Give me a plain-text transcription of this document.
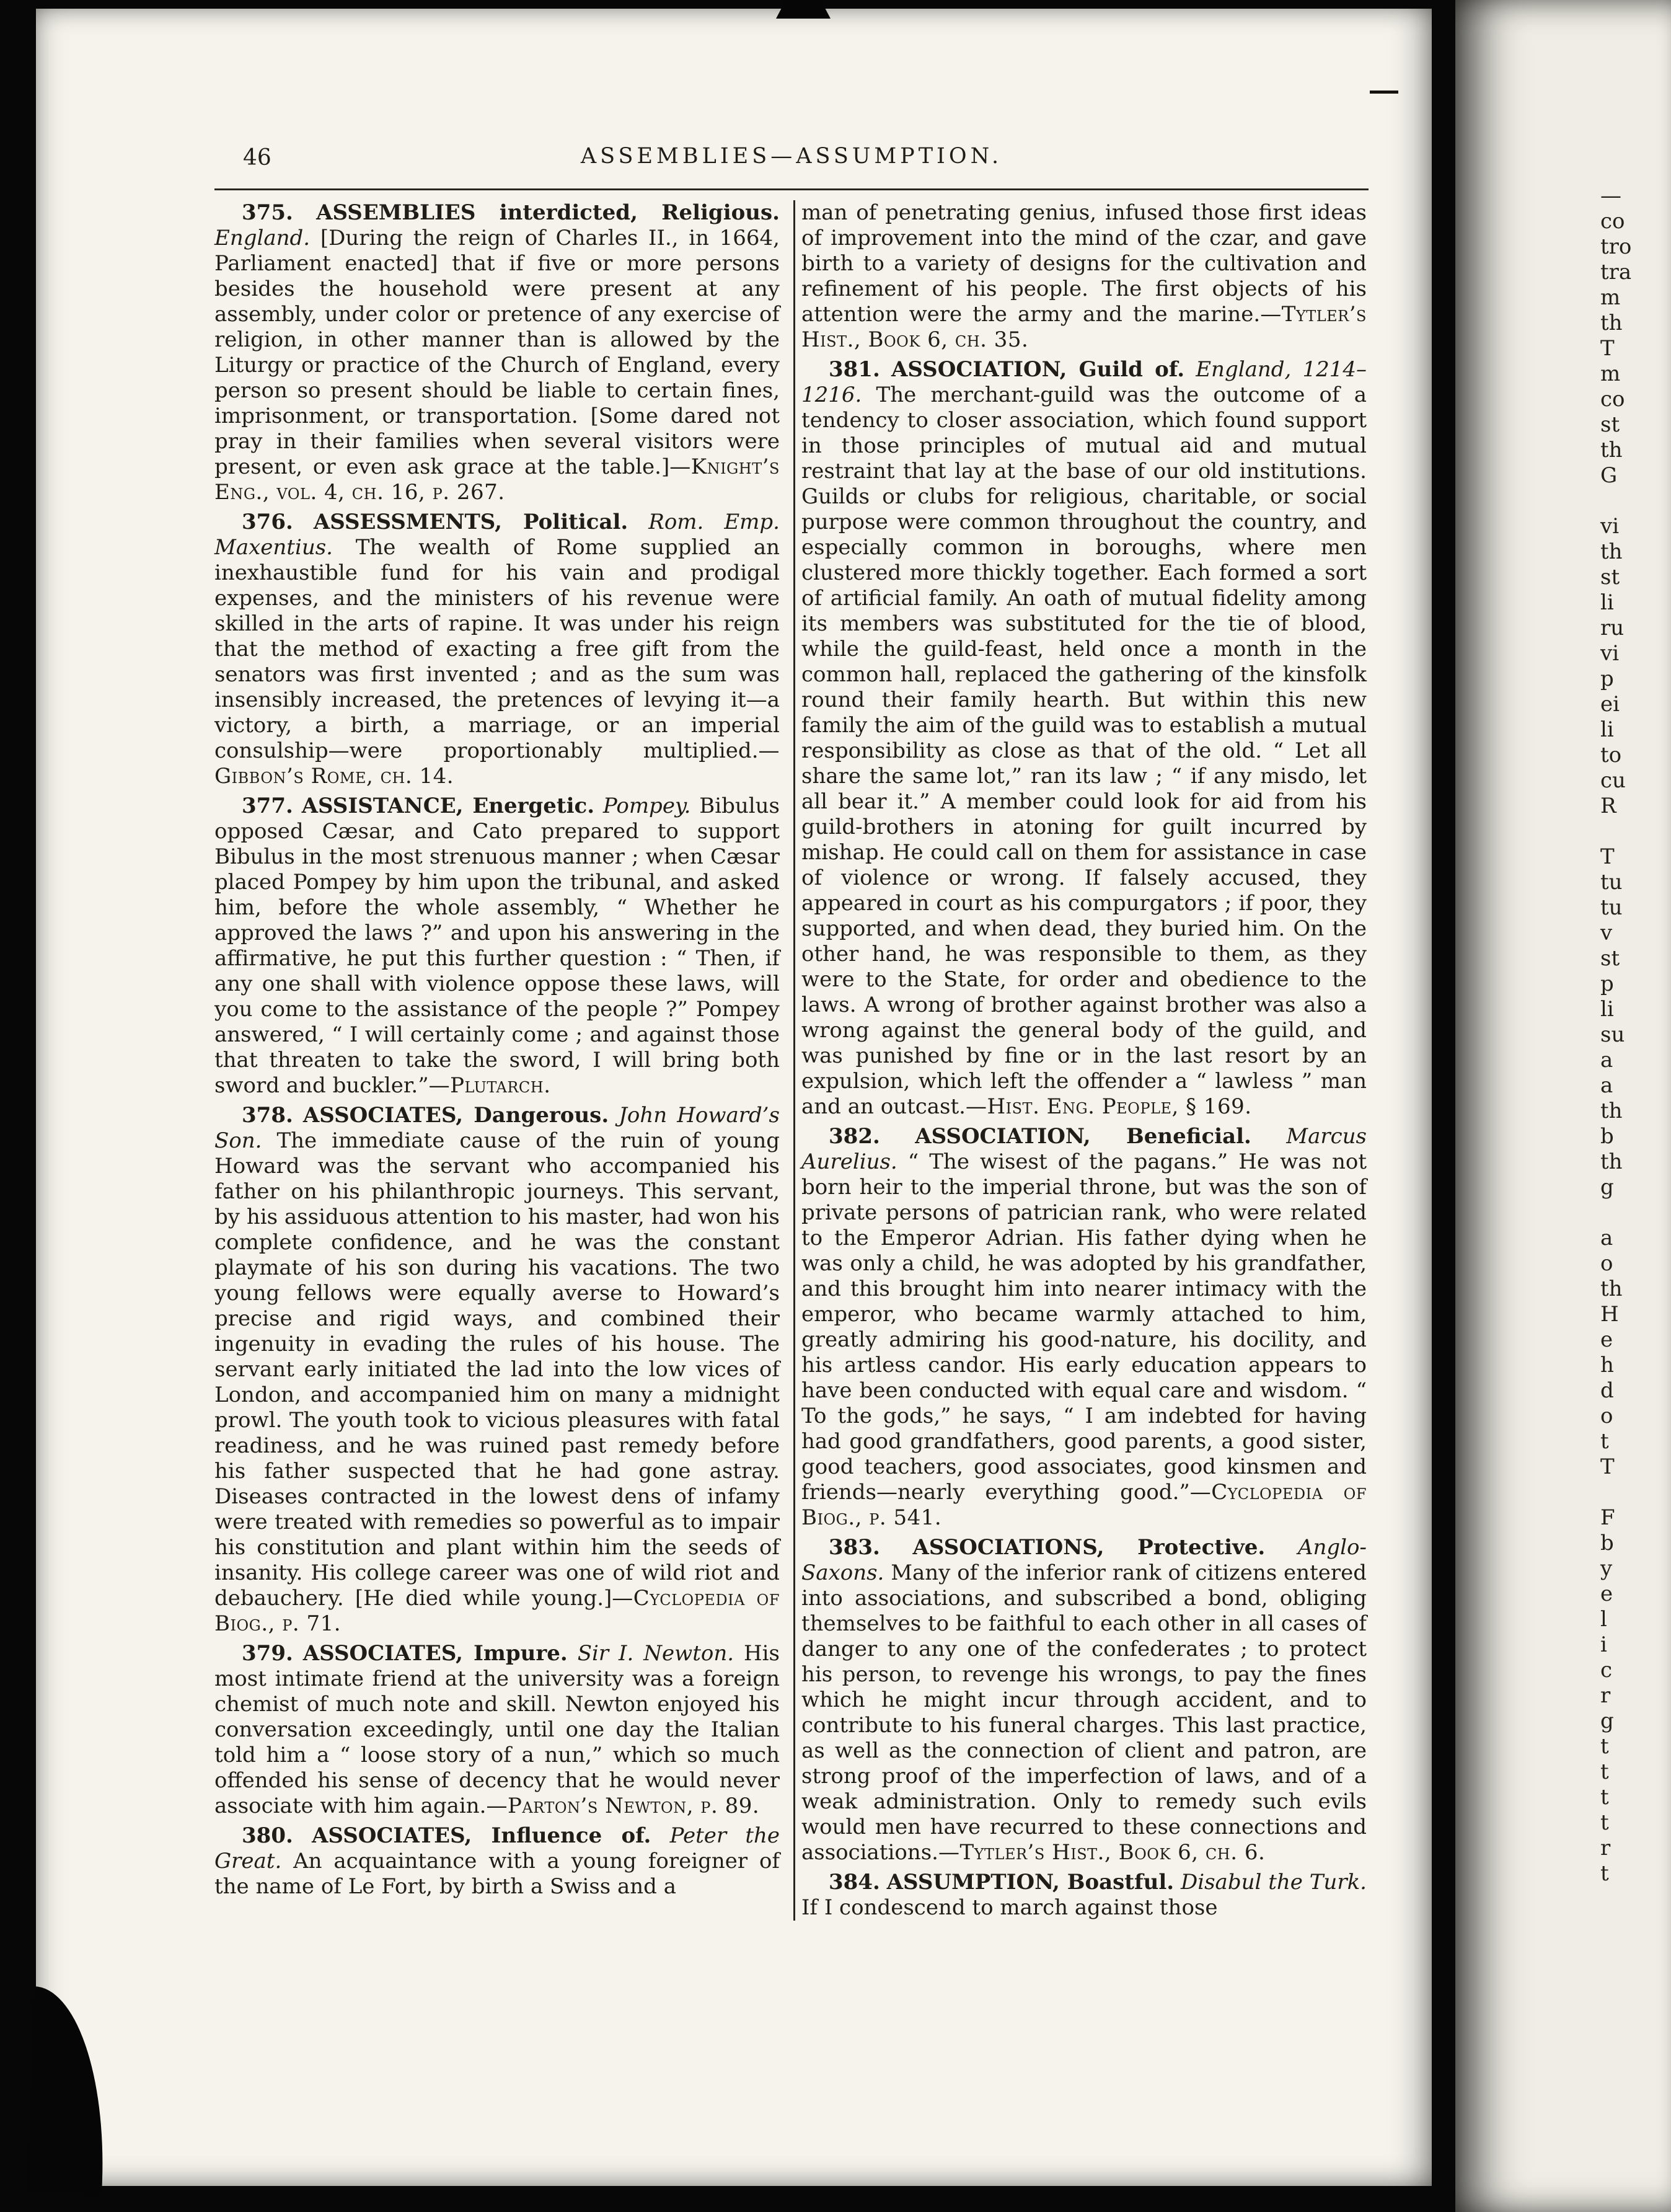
46	ASSEMBLIES—ASSUMPTION.

375. ASSEMBLIES interdicted, Religious. England. [During the reign of Charles II., in 1664, Parliament enacted] that if five or more persons besides the household were present at any assembly, under color or pretence of any exercise of religion, in other manner than is allowed by the Liturgy or practice of the Church of England, every person so present should be liable to certain fines, imprisonment, or transportation. [Some dared not pray in their families when several visitors were present, or even ask grace at the table.]—Knight’s Eng., vol. 4, ch. 16, p. 267.

376. ASSESSMENTS, Political. Rom. Emp. Maxentius. The wealth of Rome supplied an inexhaustible fund for his vain and prodigal expenses, and the ministers of his revenue were skilled in the arts of rapine. It was under his reign that the method of exacting a free gift from the senators was first invented ; and as the sum was insensibly increased, the pretences of levying it—a victory, a birth, a marriage, or an imperial consulship—were proportionably multiplied.—Gibbon’s Rome, ch. 14.

377. ASSISTANCE, Energetic. Pompey. Bibulus opposed Cæsar, and Cato prepared to support Bibulus in the most strenuous manner ; when Cæsar placed Pompey by him upon the tribunal, and asked him, before the whole assembly, “ Whether he approved the laws ?” and upon his answering in the affirmative, he put this further question : “ Then, if any one shall with violence oppose these laws, will you come to the assistance of the people ?” Pompey answered, “ I will certainly come ; and against those that threaten to take the sword, I will bring both sword and buckler.”—Plutarch.

378. ASSOCIATES, Dangerous. John Howard’s Son. The immediate cause of the ruin of young Howard was the servant who accompanied his father on his philanthropic journeys. This servant, by his assiduous attention to his master, had won his complete confidence, and he was the constant playmate of his son during his vacations. The two young fellows were equally averse to Howard’s precise and rigid ways, and combined their ingenuity in evading the rules of his house. The servant early initiated the lad into the low vices of London, and accompanied him on many a midnight prowl. The youth took to vicious pleasures with fatal readiness, and he was ruined past remedy before his father suspected that he had gone astray. Diseases contracted in the lowest dens of infamy were treated with remedies so powerful as to impair his constitution and plant within him the seeds of insanity. His college career was one of wild riot and debauchery. [He died while young.]—Cyclopedia of Biog., p. 71.

379. ASSOCIATES, Impure. Sir I. Newton. His most intimate friend at the university was a foreign chemist of much note and skill. Newton enjoyed his conversation exceedingly, until one day the Italian told him a “ loose story of a nun,” which so much offended his sense of decency that he would never associate with him again.—Parton’s Newton, p. 89.

380. ASSOCIATES, Influence of. Peter the Great. An acquaintance with a young foreigner of the name of Le Fort, by birth a Swiss and a

man of penetrating genius, infused those first ideas of improvement into the mind of the czar, and gave birth to a variety of designs for the cultivation and refinement of his people. The first objects of his attention were the army and the marine.—Tytler’s Hist., Book 6, ch. 35.

381. ASSOCIATION, Guild of. England, 1214–1216. The merchant-guild was the outcome of a tendency to closer association, which found support in those principles of mutual aid and mutual restraint that lay at the base of our old institutions. Guilds or clubs for religious, charitable, or social purpose were common throughout the country, and especially common in boroughs, where men clustered more thickly together. Each formed a sort of artificial family. An oath of mutual fidelity among its members was substituted for the tie of blood, while the guild-feast, held once a month in the common hall, replaced the gathering of the kinsfolk round their family hearth. But within this new family the aim of the guild was to establish a mutual responsibility as close as that of the old. “ Let all share the same lot,” ran its law ; “ if any misdo, let all bear it.” A member could look for aid from his guild-brothers in atoning for guilt incurred by mishap. He could call on them for assistance in case of violence or wrong. If falsely accused, they appeared in court as his compurgators ; if poor, they supported, and when dead, they buried him. On the other hand, he was responsible to them, as they were to the State, for order and obedience to the laws. A wrong of brother against brother was also a wrong against the general body of the guild, and was punished by fine or in the last resort by an expulsion, which left the offender a “ lawless ” man and an outcast.—Hist. Eng. People, § 169.

382. ASSOCIATION, Beneficial. Marcus Aurelius. “ The wisest of the pagans.” He was not born heir to the imperial throne, but was the son of private persons of patrician rank, who were related to the Emperor Adrian. His father dying when he was only a child, he was adopted by his grandfather, and this brought him into nearer intimacy with the emperor, who became warmly attached to him, greatly admiring his good-nature, his docility, and his artless candor. His early education appears to have been conducted with equal care and wisdom. “ To the gods,” he says, “ I am indebted for having had good grandfathers, good parents, a good sister, good teachers, good associates, good kinsmen and friends—nearly everything good.”—Cyclopedia of Biog., p. 541.

383. ASSOCIATIONS, Protective. Anglo-Saxons. Many of the inferior rank of citizens entered into associations, and subscribed a bond, obliging themselves to be faithful to each other in all cases of danger to any one of the confederates ; to protect his person, to revenge his wrongs, to pay the fines which he might incur through accident, and to contribute to his funeral charges. This last practice, as well as the connection of client and patron, are strong proof of the imperfection of laws, and of a weak administration. Only to remedy such evils would men have recurred to these connections and associations.—Tytler’s Hist., Book 6, ch. 6.

384. ASSUMPTION, Boastful. Disabul the Turk. If I condescend to march against those

—
co
tro
tra
m
th
T
m
co
st
th
G
vi
th
st
li
ru
vi
p
ei
li
to
cu
R
T
tu
tu
v
st
p
li
su
a
a
th
b
th
g
a
o
th
H
e
h
d
o
t
T
F
b
y
e
l
i
c
r
g
t
t
t
t
r
t
